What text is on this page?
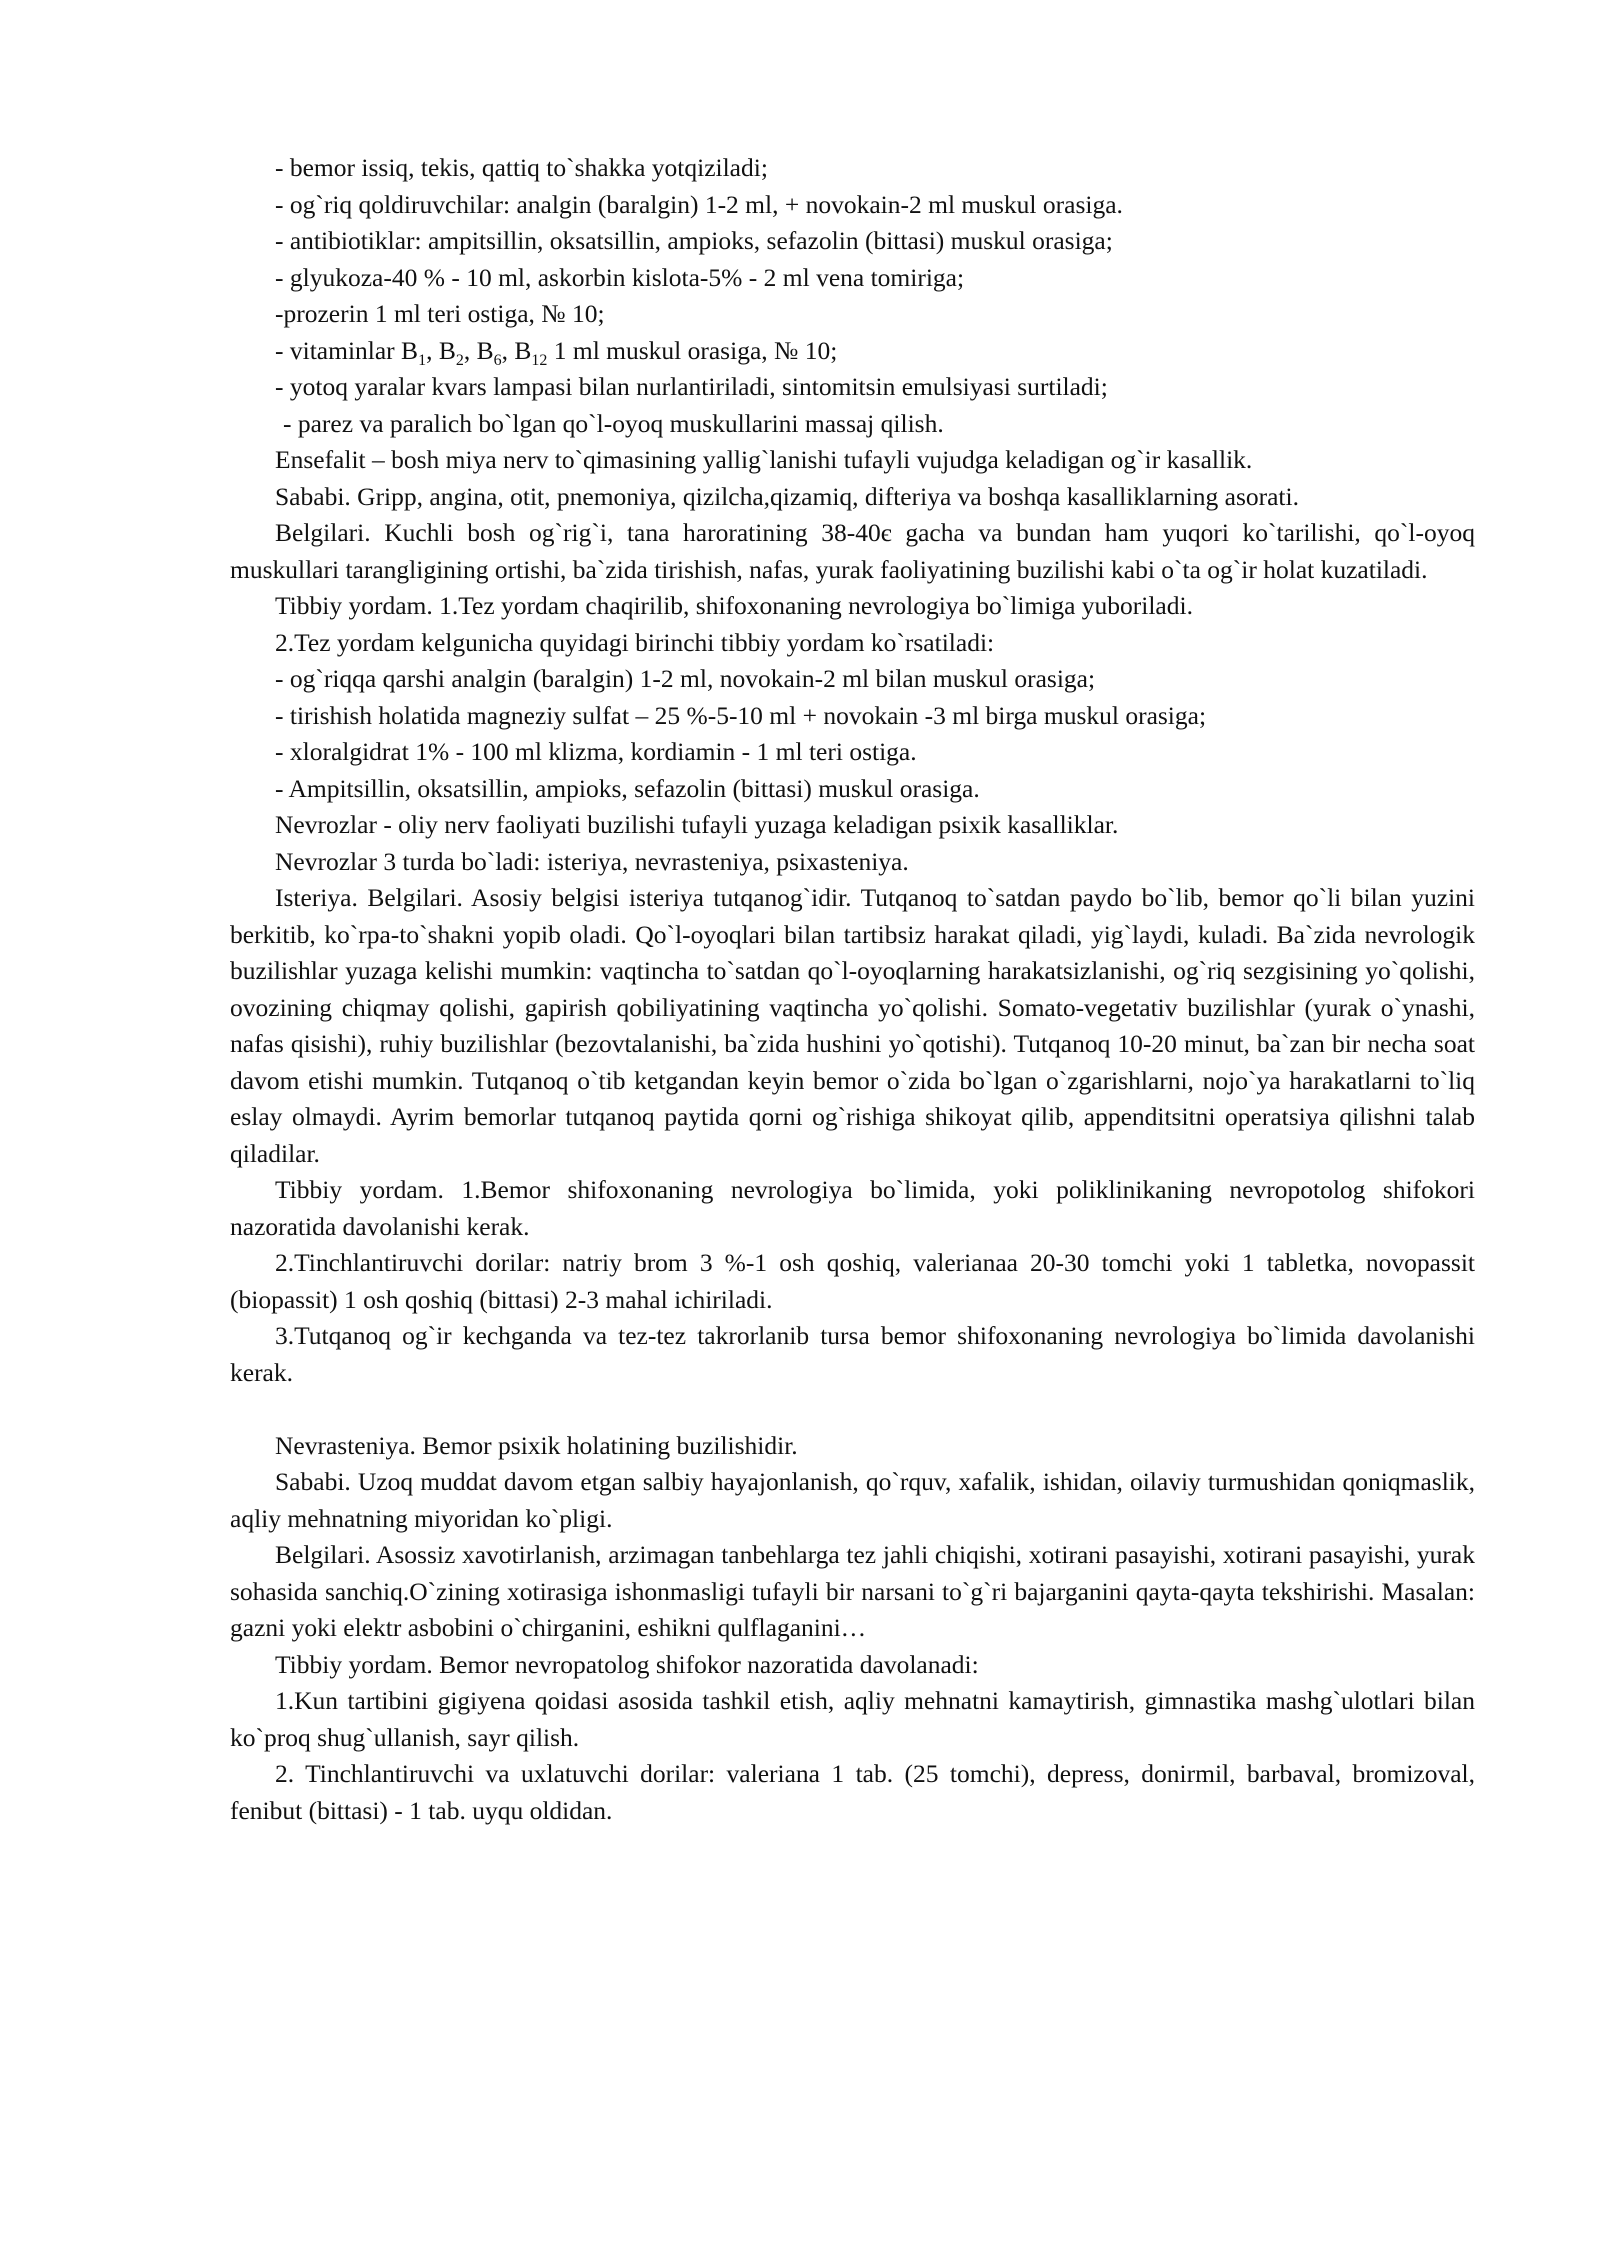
- bemor issiq, tekis, qattiq to`shakka yotqiziladi;
- og`riq qoldiruvchilar: analgin (baralgin) 1-2 ml, + novokain-2 ml muskul orasiga.
- antibiotiklar: ampitsillin, oksatsillin, ampioks, sefazolin (bittasi) muskul orasiga;
- glyukoza-40 % - 10 ml, askorbin kislota-5% - 2 ml vena tomiriga;
-prozerin 1 ml teri ostiga, № 10;
- vitaminlar $B_1$, $B_2$, $B_6$, $B_{12}$ 1 ml muskul orasiga, № 10;
- yotoq yaralar kvars lampasi bilan nurlantiriladi, sintomitsin emulsiyasi surtiladi;
- parez va paralich bo`lgan qo`l-oyoq muskullarini massaj qilish.

Ensefalit – bosh miya nerv to`qimasining yallig`lanishi tufayli vujudga keladigan og`ir kasallik.

Sababi. Gripp, angina, otit, pnemoniya, qizilcha,qizamiq, difteriya va boshqa kasalliklarning asorati.

Belgilari. Kuchli bosh og`rig`i, tana haroratining 38-40є gacha va bundan ham yuqori ko`tarilishi, qo`l-oyoq muskullari tarangligining ortishi, ba`zida tirishish, nafas, yurak faoliyatining buzilishi kabi o`ta og`ir holat kuzatiladi.

Tibbiy yordam. 1.Tez yordam chaqirilib, shifoxonaning nevrologiya bo`limiga yuboriladi.

2.Tez yordam kelgunicha quyidagi birinchi tibbiy yordam ko`rsatiladi:

- og`riqqa qarshi analgin (baralgin) 1-2 ml, novokain-2 ml bilan muskul orasiga;
- tirishish holatida magneziy sulfat – 25 %-5-10 ml + novokain -3 ml birga muskul orasiga;
- xloralgidrat 1% - 100 ml klizma, kordiamin - 1 ml teri ostiga.
- Ampitsillin, oksatsillin, ampioks, sefazolin (bittasi) muskul orasiga.

Nevrozlar - oliy nerv faoliyati buzilishi tufayli yuzaga keladigan psixik kasalliklar.

Nevrozlar 3 turda bo`ladi: isteriya, nevrasteniya, psixasteniya.

Isteriya. Belgilari. Asosiy belgisi isteriya tutqanog`idir. Tutqanoq to`satdan paydo bo`lib, bemor qo`li bilan yuzini berkitib, ko`rpa-to`shakni yopib oladi. Qo`l-oyoqlari bilan tartibsiz harakat qiladi, yig`laydi, kuladi. Ba`zida nevrologik buzilishlar yuzaga kelishi mumkin: vaqtincha to`satdan qo`l-oyoqlarning harakatsizlanishi, og`riq sezgisining yo`qolishi, ovozining chiqmay qolishi, gapirish qobiliyatining vaqtincha yo`qolishi. Somato-vegetativ buzilishlar (yurak o`ynashi, nafas qisishi), ruhiy buzilishlar (bezovtalanishi, ba`zida hushini yo`qotishi). Tutqanoq 10-20 minut, ba`zan bir necha soat davom etishi mumkin. Tutqanoq o`tib ketgandan keyin bemor o`zida bo`lgan o`zgarishlarni, nojo`ya harakatlarni to`liq eslay olmaydi. Ayrim bemorlar tutqanoq paytida qorni og`rishiga shikoyat qilib, appenditsitni operatsiya qilishni talab qiladilar.

Tibbiy yordam. 1.Bemor shifoxonaning nevrologiya bo`limida, yoki poliklinikaning nevropotolog shifokori nazoratida davolanishi kerak.

2.Tinchlantiruvchi dorilar: natriy brom 3 %-1 osh qoshiq, valerianaa 20-30 tomchi yoki 1 tabletka, novopassit (biopassit) 1 osh qoshiq (bittasi) 2-3 mahal ichiriladi.

3.Tutqanoq og`ir kechganda va tez-tez takrorlanib tursa bemor shifoxonaning nevrologiya bo`limida davolanishi kerak.

Nevrasteniya. Bemor psixik holatining buzilishidir.

Sababi. Uzoq muddat davom etgan salbiy hayajonlanish, qo`rquv, xafalik, ishidan, oilaviy turmushidan qoniqmaslik, aqliy mehnatning miyoridan ko`pligi.

Belgilari. Asossiz xavotirlanish, arzimagan tanbehlarga tez jahli chiqishi, xotirani pasayishi, xotirani pasayishi, yurak sohasida sanchiq.O`zining xotirasiga ishonmasligi tufayli bir narsani to`g`ri bajarganini qayta-qayta tekshirishi. Masalan: gazni yoki elektr asbobini o`chirganini, eshikni qulflaganini…

Tibbiy yordam. Bemor nevropatolog shifokor nazoratida davolanadi:

1.Kun tartibini gigiyena qoidasi asosida tashkil etish, aqliy mehnatni kamaytirish, gimnastika mashg`ulotlari bilan ko`proq shug`ullanish, sayr qilish.

2. Tinchlantiruvchi va uxlatuvchi dorilar: valeriana 1 tab. (25 tomchi), depress, donirmil, barbaval, bromizoval, fenibut (bittasi) - 1 tab. uyqu oldidan.
